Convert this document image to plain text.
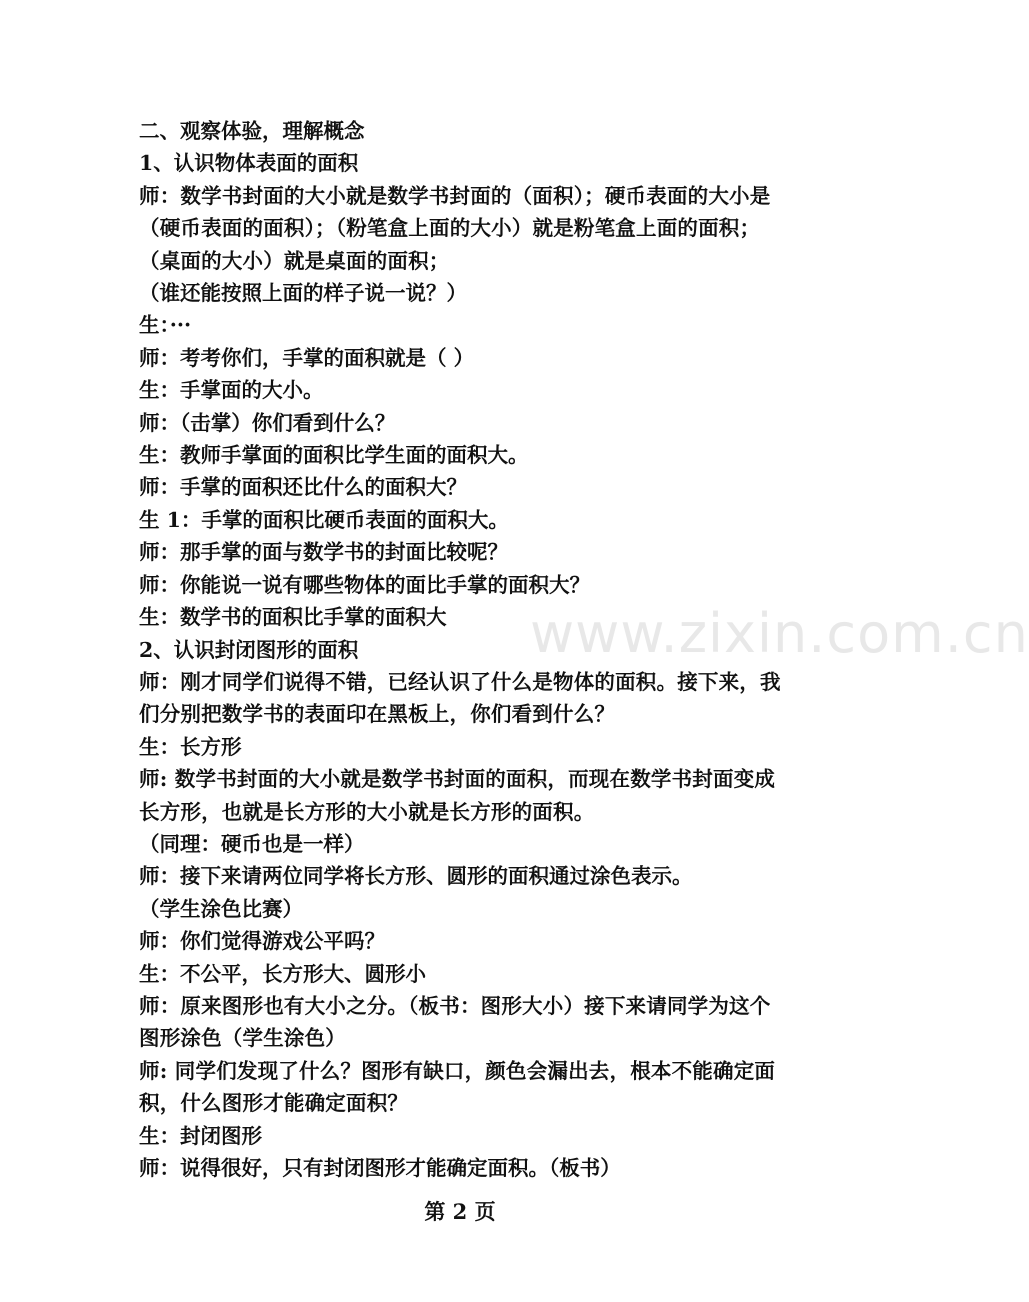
二、观察体验，理解概念
1、认识物体表面的面积
师：数学书封面的大小就是数学书封面的（面积）；硬币表面的大小是（硬币表面的面积）；（粉笔盒上面的大小）就是粉笔盒上面的面积；（桌面的大小）就是桌面的面积；
（谁还能按照上面的样子说一说？）
生：···
师：考考你们，手掌的面积就是（ ）
生：手掌面的大小。
师：（击掌）你们看到什么？
生：教师手掌面的面积比学生面的面积大。
师：手掌的面积还比什么的面积大？
生 1：手掌的面积比硬币表面的面积大。
师：那手掌的面与数学书的封面比较呢？
师：你能说一说有哪些物体的面比手掌的面积大？
生：数学书的面积比手掌的面积大
2、认识封闭图形的面积
师：刚才同学们说得不错，已经认识了什么是物体的面积。接下来，我们分别把数学书的表面印在黑板上，你们看到什么？
生：长方形
师: 数学书封面的大小就是数学书封面的面积，而现在数学书封面变成长方形，也就是长方形的大小就是长方形的面积。
（同理：硬币也是一样）
师：接下来请两位同学将长方形、圆形的面积通过涂色表示。
（学生涂色比赛）
师：你们觉得游戏公平吗？
生：不公平，长方形大、圆形小
师：原来图形也有大小之分。（板书：图形大小）接下来请同学为这个图形涂色（学生涂色）
师: 同学们发现了什么？图形有缺口，颜色会漏出去，根本不能确定面积，什么图形才能确定面积？
生：封闭图形
师：说得很好，只有封闭图形才能确定面积。（板书）
www.zixin.com.cn
第 2 页
